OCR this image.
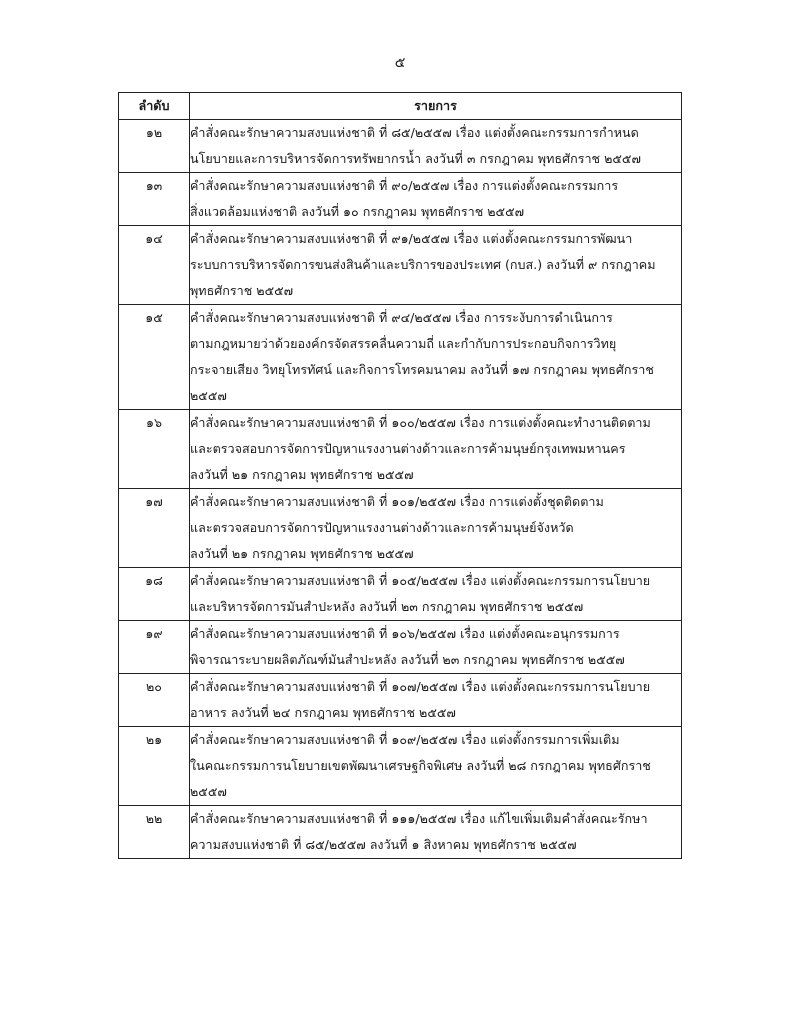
๕
ลำดับ	รายการ
๑๒	คำสั่งคณะรักษาความสงบแห่งชาติ ที่ ๘๕/๒๕๕๗ เรื่อง แต่งตั้งคณะกรรมการกำหนด
นโยบายและการบริหารจัดการทรัพยากรน้ำ ลงวันที่ ๓ กรกฎาคม พุทธศักราช ๒๕๕๗

๑๓	คำสั่งคณะรักษาความสงบแห่งชาติ ที่ ๙๐/๒๕๕๗ เรื่อง การแต่งตั้งคณะกรรมการ
สิ่งแวดล้อมแห่งชาติ ลงวันที่ ๑๐ กรกฎาคม พุทธศักราช ๒๕๕๗

๑๔	คำสั่งคณะรักษาความสงบแห่งชาติ ที่ ๙๑/๒๕๕๗ เรื่อง แต่งตั้งคณะกรรมการพัฒนา
ระบบการบริหารจัดการขนส่งสินค้าและบริการของประเทศ (กบส.) ลงวันที่ ๙ กรกฎาคม
พุทธศักราช ๒๕๕๗

๑๕	คำสั่งคณะรักษาความสงบแห่งชาติ ที่ ๙๔/๒๕๕๗ เรื่อง การระงับการดำเนินการ
ตามกฎหมายว่าด้วยองค์กรจัดสรรคลื่นความถี่ และกำกับการประกอบกิจการวิทยุ
กระจายเสียง วิทยุโทรทัศน์ และกิจการโทรคมนาคม ลงวันที่ ๑๗ กรกฎาคม พุทธศักราช
๒๕๕๗

๑๖	คำสั่งคณะรักษาความสงบแห่งชาติ ที่ ๑๐๐/๒๕๕๗ เรื่อง การแต่งตั้งคณะทำงานติดตาม
และตรวจสอบการจัดการปัญหาแรงงานต่างด้าวและการค้ามนุษย์กรุงเทพมหานคร
ลงวันที่ ๒๑ กรกฎาคม พุทธศักราช ๒๕๕๗

๑๗	คำสั่งคณะรักษาความสงบแห่งชาติ ที่ ๑๐๑/๒๕๕๗ เรื่อง การแต่งตั้งชุดติดตาม
และตรวจสอบการจัดการปัญหาแรงงานต่างด้าวและการค้ามนุษย์จังหวัด
ลงวันที่ ๒๑ กรกฎาคม พุทธศักราช ๒๕๕๗

๑๘	คำสั่งคณะรักษาความสงบแห่งชาติ ที่ ๑๐๕/๒๕๕๗ เรื่อง แต่งตั้งคณะกรรมการนโยบาย
และบริหารจัดการมันสำปะหลัง ลงวันที่ ๒๓ กรกฎาคม พุทธศักราช ๒๕๕๗

๑๙	คำสั่งคณะรักษาความสงบแห่งชาติ ที่ ๑๐๖/๒๕๕๗ เรื่อง แต่งตั้งคณะอนุกรรมการ
พิจารณาระบายผลิตภัณฑ์มันสำปะหลัง ลงวันที่ ๒๓ กรกฎาคม พุทธศักราช ๒๕๕๗

๒๐	คำสั่งคณะรักษาความสงบแห่งชาติ ที่ ๑๐๗/๒๕๕๗ เรื่อง แต่งตั้งคณะกรรมการนโยบาย
อาหาร ลงวันที่ ๒๔ กรกฎาคม พุทธศักราช ๒๕๕๗

๒๑	คำสั่งคณะรักษาความสงบแห่งชาติ ที่ ๑๐๙/๒๕๕๗ เรื่อง แต่งตั้งกรรมการเพิ่มเติม
ในคณะกรรมการนโยบายเขตพัฒนาเศรษฐกิจพิเศษ ลงวันที่ ๒๘ กรกฎาคม พุทธศักราช
๒๕๕๗

๒๒	คำสั่งคณะรักษาความสงบแห่งชาติ ที่ ๑๑๑/๒๕๕๗ เรื่อง แก้ไขเพิ่มเติมคำสั่งคณะรักษา
ความสงบแห่งชาติ ที่ ๘๕/๒๕๕๗ ลงวันที่ ๑ สิงหาคม พุทธศักราช ๒๕๕๗
